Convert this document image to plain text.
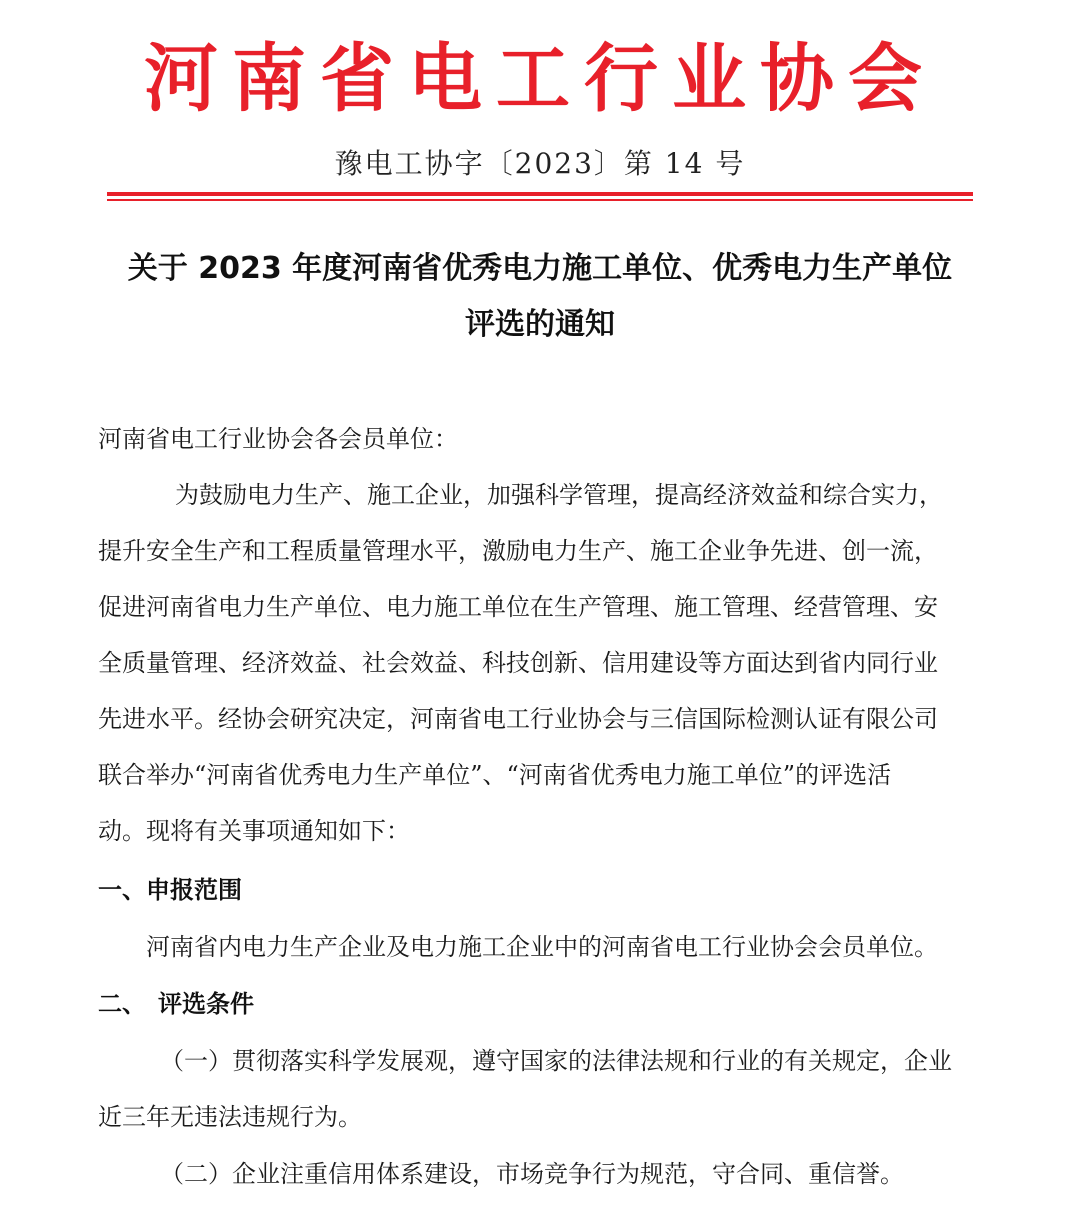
河南省电工行业协会
豫电工协字〔2023〕第 14 号
关于 2023 年度河南省优秀电力施工单位、优秀电力生产单位
评选的通知
河南省电工行业协会各会员单位：
为鼓励电力生产、施工企业，加强科学管理，提高经济效益和综合实力，
提升安全生产和工程质量管理水平，激励电力生产、施工企业争先进、创一流，
促进河南省电力生产单位、电力施工单位在生产管理、施工管理、经营管理、安
全质量管理、经济效益、社会效益、科技创新、信用建设等方面达到省内同行业
先进水平。经协会研究决定，河南省电工行业协会与三信国际检测认证有限公司
联合举办“河南省优秀电力生产单位”、“河南省优秀电力施工单位”的评选活
动。现将有关事项通知如下：
一、申报范围
河南省内电力生产企业及电力施工企业中的河南省电工行业协会会员单位。
二、　评选条件
（一）贯彻落实科学发展观，遵守国家的法律法规和行业的有关规定，企业
近三年无违法违规行为。
（二）企业注重信用体系建设，市场竞争行为规范，守合同、重信誉。
